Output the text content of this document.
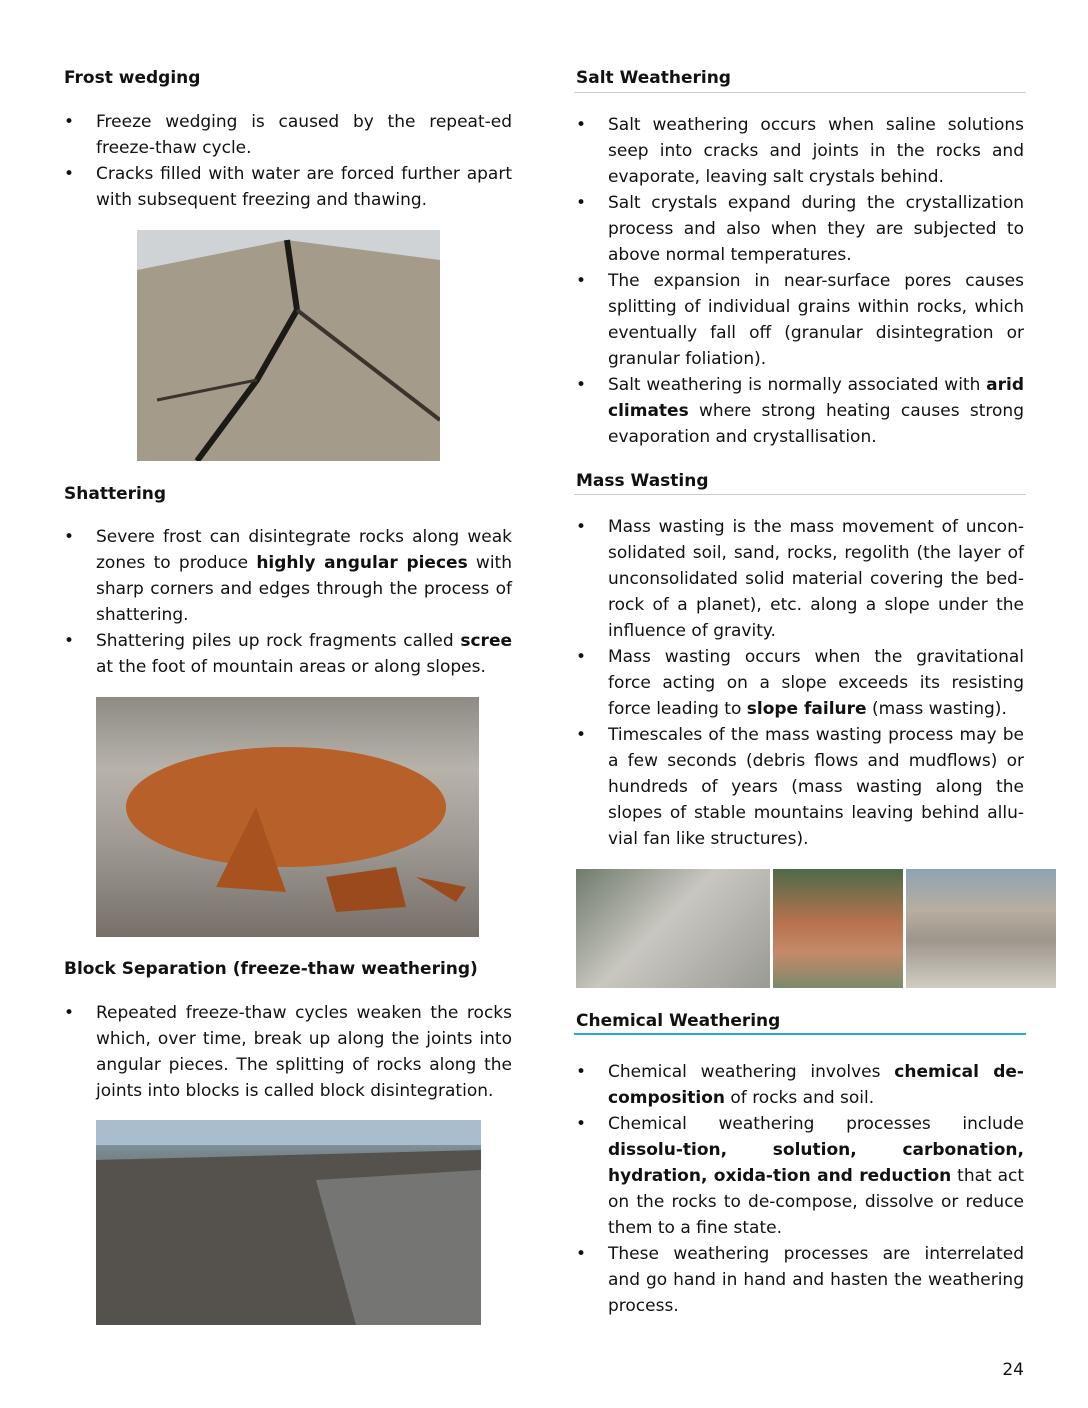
Frost wedging
• Freeze wedging is caused by the repeat-ed freeze-thaw cycle.
• Cracks filled with water are forced further apart with subsequent freezing and thawing.
Shattering
• Severe frost can disintegrate rocks along weak zones to produce highly angular pieces with sharp corners and edges through the process of shattering.
• Shattering piles up rock fragments called scree at the foot of mountain areas or along slopes.
Block Separation (freeze-thaw weathering)
• Repeated freeze-thaw cycles weaken the rocks which, over time, break up along the joints into angular pieces. The splitting of rocks along the joints into blocks is called block disintegration.
Salt Weathering
• Salt weathering occurs when saline solutions seep into cracks and joints in the rocks and evaporate, leaving salt crystals behind.
• Salt crystals expand during the crystallization process and also when they are subjected to above normal temperatures.
• The expansion in near-surface pores causes splitting of individual grains within rocks, which eventually fall off (granular disintegration or granular foliation).
• Salt weathering is normally associated with arid climates where strong heating causes strong evaporation and crystallisation.
Mass Wasting
• Mass wasting is the mass movement of uncon-solidated soil, sand, rocks, regolith (the layer of unconsolidated solid material covering the bed-rock of a planet), etc. along a slope under the influence of gravity.
• Mass wasting occurs when the gravitational force acting on a slope exceeds its resisting force leading to slope failure (mass wasting).
• Timescales of the mass wasting process may be a few seconds (debris flows and mudflows) or hundreds of years (mass wasting along the slopes of stable mountains leaving behind allu-vial fan like structures).
Chemical Weathering
• Chemical weathering involves chemical de-composition of rocks and soil.
• Chemical weathering processes include dissolu-tion, solution, carbonation, hydration, oxida-tion and reduction that act on the rocks to de-compose, dissolve or reduce them to a fine state.
• These weathering processes are interrelated and go hand in hand and hasten the weathering process.
24
